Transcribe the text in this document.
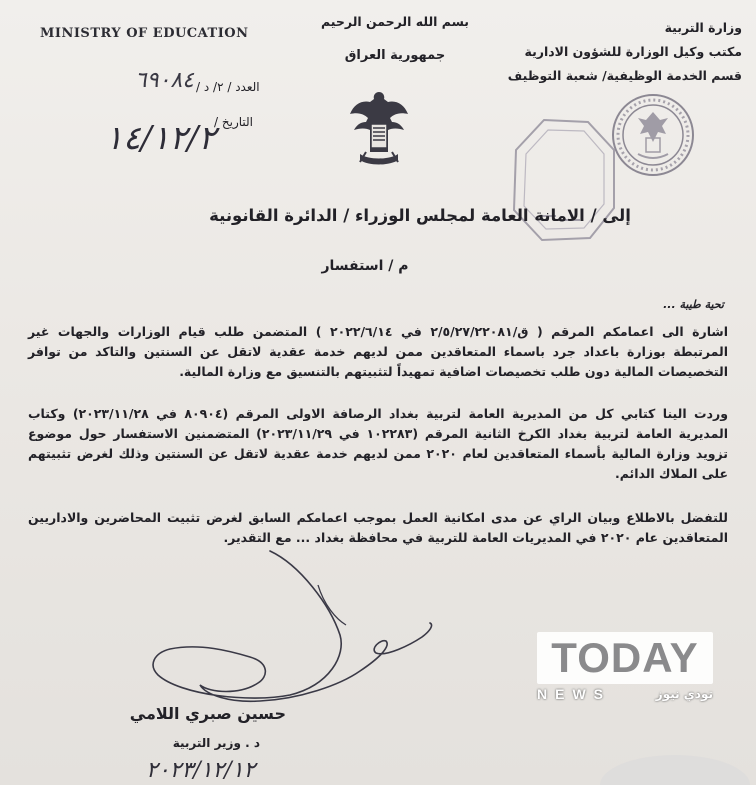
MINISTRY OF EDUCATION	وزارة التربية
مكتب وكيل الوزارة للشؤون الادارية
قسم الخدمة الوظيفية/ شعبة التوظيف
بسم الله الرحمن الرحيم
جمهورية العراق
العدد / ٢/ د /
٦٩٠٨٤
التاريخ /
١٤/١٢/٢
إلى / الامانة العامة لمجلس الوزراء / الدائرة القانونية
م / استفسار
تحية طيبة ...
اشارة الى اعمامكم المرقم ( ق/٢/٥/٢٧/٢٢٠٨١ في ٢٠٢٢/٦/١٤ ) المتضمن طلب قيام الوزارات والجهات غير المرتبطة بوزارة باعداد جرد باسماء المتعاقدين ممن لديهم خدمة عقدية لاتقل عن السنتين والتاكد من توافر التخصيصات المالية دون طلب تخصيصات اضافية تمهيداً لتثبيتهم بالتنسيق مع وزارة المالية.
وردت الينا كتابي كل من المديرية العامة لتربية بغداد الرصافة الاولى المرقم (٨٠٩٠٤ في ٢٠٢٣/١١/٢٨) وكتاب المديرية العامة لتربية بغداد الكرخ الثانية المرقم (١٠٢٢٨٣ في ٢٠٢٣/١١/٢٩) المتضمنين الاستفسار حول موضوع تزويد وزارة المالية بأسماء المتعاقدين لعام ٢٠٢٠ ممن لديهم خدمة عقدية لاتقل عن السنتين وذلك لغرض تثبيتهم على الملاك الدائم.
للتفضل بالاطلاع وبيان الراي عن مدى امكانية العمل بموجب اعمامكم السابق لغرض تثبيت المحاضرين والاداريين المتعاقدين عام ٢٠٢٠ في المديريات العامة للتربية في محافظة بغداد ... مع التقدير.
حسين صبري اللامي
د . وزير التربية
٢٠٢٣/١٢/١٢
TODAY
NEWS	تودي نيوز
